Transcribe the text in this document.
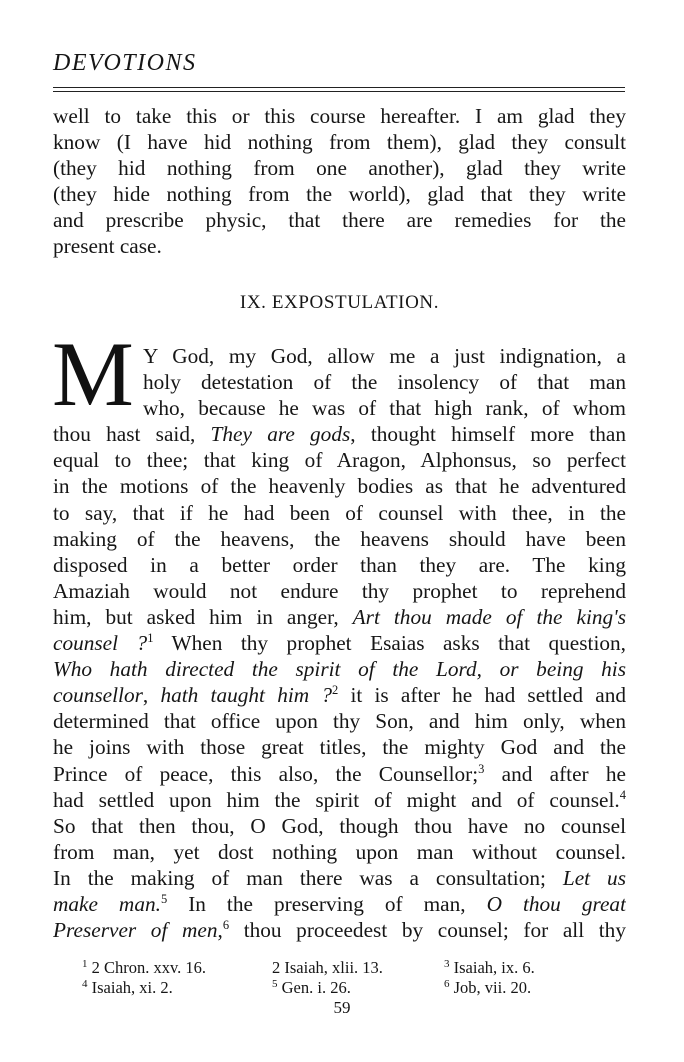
DEVOTIONS
well to take this or this course hereafter. I am glad they
know (I have hid nothing from them), glad they consult
(they hid nothing from one another), glad they write
(they hide nothing from the world), glad that they write
and prescribe physic, that there are remedies for the
present case.
IX. EXPOSTULATION.
M Y God, my God, allow me a just indignation, a
holy detestation of the insolency of that man
who, because he was of that high rank, of whom
thou hast said, They are gods, thought himself more than
equal to thee; that king of Aragon, Alphonsus, so perfect
in the motions of the heavenly bodies as that he adventured
to say, that if he had been of counsel with thee, in the
making of the heavens, the heavens should have been
disposed in a better order than they are. The king
Amaziah would not endure thy prophet to reprehend
him, but asked him in anger, Art thou made of the king's
counsel ?$^1$ When thy prophet Esaias asks that question,
Who hath directed the spirit of the Lord, or being his
counsellor, hath taught him ?$^2$ it is after he had settled and
determined that office upon thy Son, and him only, when
he joins with those great titles, the mighty God and the
Prince of peace, this also, the Counsellor;$^3$ and after he
had settled upon him the spirit of might and of counsel.$^4$
So that then thou, O God, though thou have no counsel
from man, yet dost nothing upon man without counsel.
In the making of man there was a consultation; Let us
make man.$^5$ In the preserving of man, O thou great
Preserver of men,$^6$ thou proceedest by counsel; for all thy
$^1$ 2 Chron. xxv. 16.	2 Isaiah, xlii. 13.	$^3$ Isaiah, ix. 6.
$^4$ Isaiah, xi. 2.	$^5$ Gen. i. 26.	$^6$ Job, vii. 20.
59
